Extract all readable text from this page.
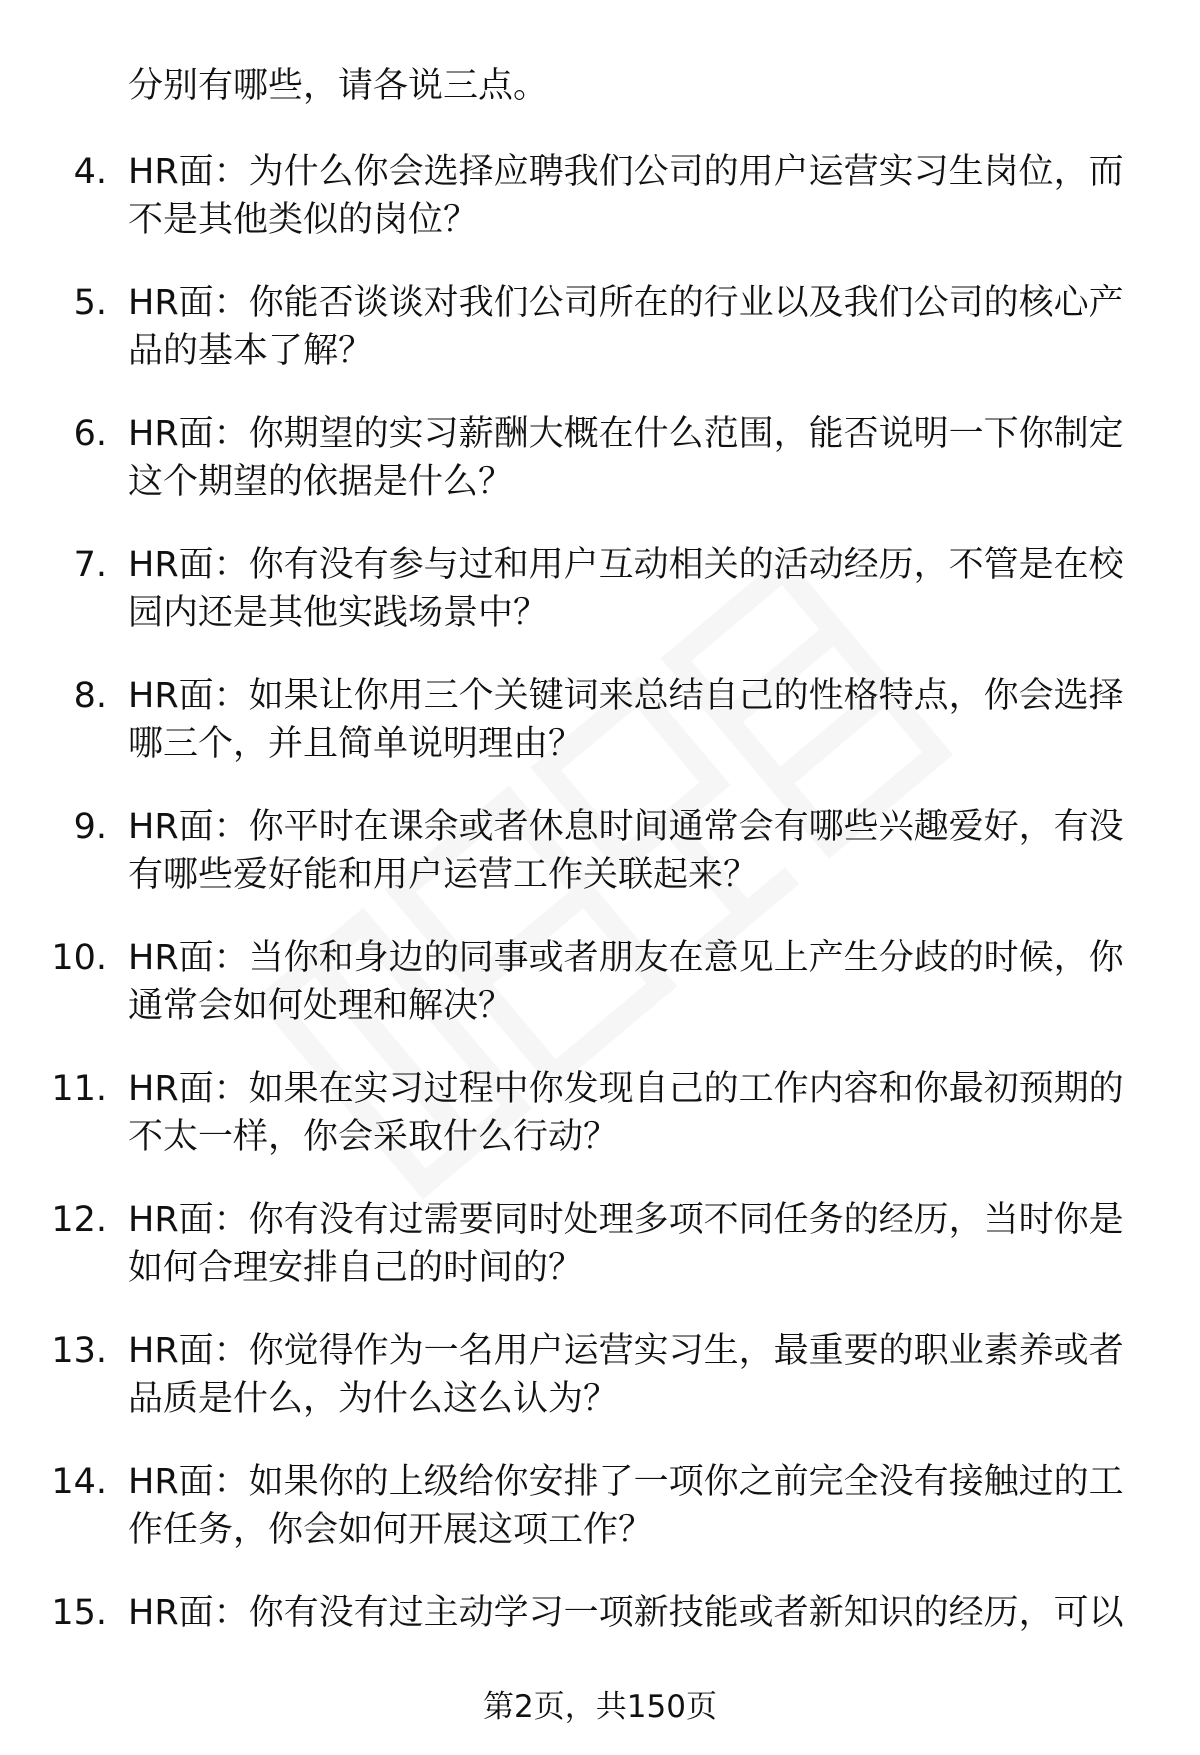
分别有哪些，请各说三点。
4. HR面：为什么你会选择应聘我们公司的用户运营实习生岗位，而
不是其他类似的岗位？
5. HR面：你能否谈谈对我们公司所在的行业以及我们公司的核心产
品的基本了解？
6. HR面：你期望的实习薪酬大概在什么范围，能否说明一下你制定
这个期望的依据是什么？
7. HR面：你有没有参与过和用户互动相关的活动经历，不管是在校
园内还是其他实践场景中？
8. HR面：如果让你用三个关键词来总结自己的性格特点，你会选择
哪三个，并且简单说明理由？
9. HR面：你平时在课余或者休息时间通常会有哪些兴趣爱好，有没
有哪些爱好能和用户运营工作关联起来？
10. HR面：当你和身边的同事或者朋友在意见上产生分歧的时候，你
通常会如何处理和解决？
11. HR面：如果在实习过程中你发现自己的工作内容和你最初预期的
不太一样，你会采取什么行动？
12. HR面：你有没有过需要同时处理多项不同任务的经历，当时你是
如何合理安排自己的时间的？
13. HR面：你觉得作为一名用户运营实习生，最重要的职业素养或者
品质是什么，为什么这么认为？
14. HR面：如果你的上级给你安排了一项你之前完全没有接触过的工
作任务，你会如何开展这项工作？
15. HR面：你有没有过主动学习一项新技能或者新知识的经历，可以
第2页，共150页
